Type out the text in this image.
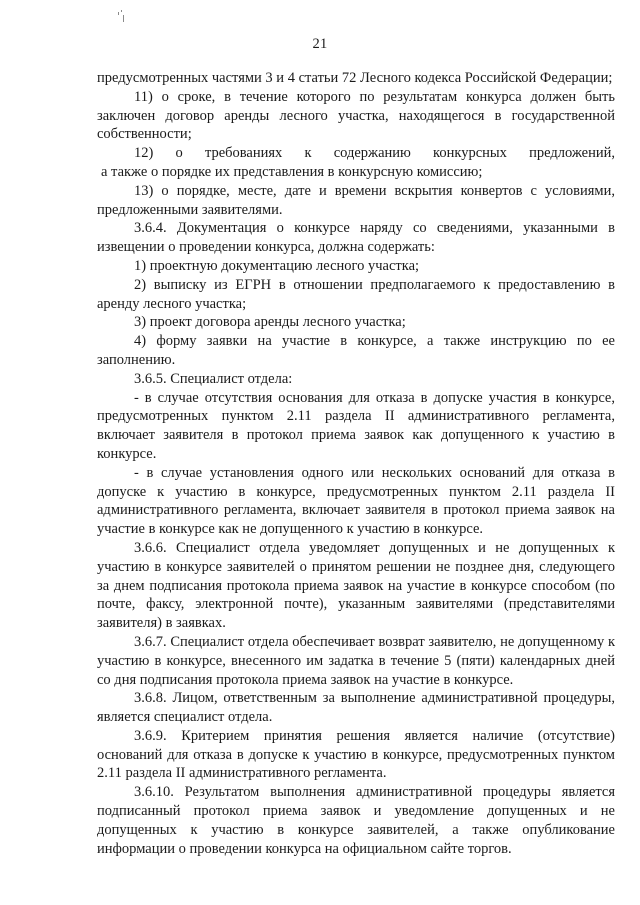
21

предусмотренных частями 3 и 4 статьи 72 Лесного кодекса Российской Федерации;

11) о сроке, в течение которого по результатам конкурса должен быть заключен договор аренды лесного участка, находящегося в государственной собственности;

12) о требованиях к содержанию конкурсных предложений,

а также о порядке их представления в конкурсную комиссию;

13) о порядке, месте, дате и времени вскрытия конвертов с условиями, предложенными заявителями.

3.6.4. Документация о конкурсе наряду со сведениями, указанными в извещении о проведении конкурса, должна содержать:

1) проектную документацию лесного участка;

2) выписку из ЕГРН в отношении предполагаемого к предоставлению в аренду лесного участка;

3) проект договора аренды лесного участка;

4) форму заявки на участие в конкурсе, а также инструкцию по ее заполнению.

3.6.5. Специалист отдела:

- в случае отсутствия основания для отказа в допуске участия в конкурсе, предусмотренных пунктом 2.11 раздела II административного регламента, включает заявителя в протокол приема заявок как допущенного к участию в конкурсе.

- в случае установления одного или нескольких оснований для отказа в допуске к участию в конкурсе, предусмотренных пунктом 2.11 раздела II административного регламента, включает заявителя в протокол приема заявок на участие в конкурсе как не допущенного к участию в конкурсе.

3.6.6. Специалист отдела уведомляет допущенных и не допущенных к участию в конкурсе заявителей о принятом решении не позднее дня, следующего за днем подписания протокола приема заявок на участие в конкурсе способом (по почте, факсу, электронной почте), указанным заявителями (представителями заявителя) в заявках.

3.6.7. Специалист отдела обеспечивает возврат заявителю, не допущенному к участию в конкурсе, внесенного им задатка в течение 5 (пяти) календарных дней со дня подписания протокола приема заявок на участие в конкурсе.

3.6.8. Лицом, ответственным за выполнение административной процедуры, является специалист отдела.

3.6.9. Критерием принятия решения является наличие (отсутствие) оснований для отказа в допуске к участию в конкурсе, предусмотренных пунктом 2.11 раздела II административного регламента.

3.6.10. Результатом выполнения административной процедуры является подписанный протокол приема заявок и уведомление допущенных и не допущенных к участию в конкурсе заявителей, а также опубликование информации о проведении конкурса на официальном сайте торгов.
